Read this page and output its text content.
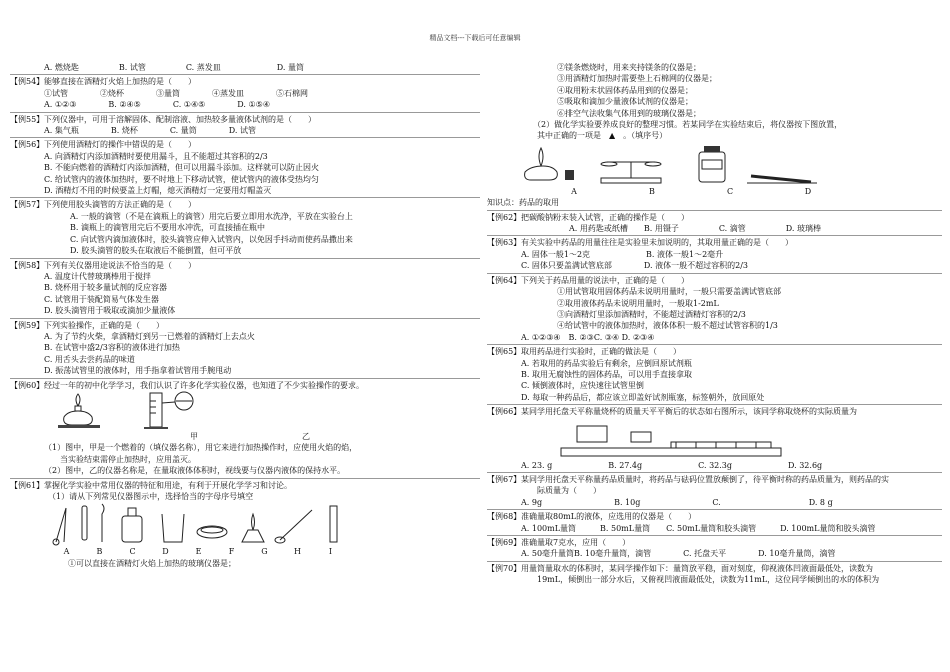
精品文档---下载后可任意编辑
A. 燃烧匙　　　　　B. 试管　　　　　C. 蒸发皿　　　　　　　D. 量筒
【例54】能够直接在酒精灯火焰上加热的是（　　）
①试管　　　　②烧杯　　　　③量筒　　　　④蒸发皿　　　　⑤石棉网
A. ①②③　　　　B. ②④⑤　　　　C. ①④⑤　　　　D. ①⑤④
【例55】下列仪器中，可用于溶解固体、配制溶液、加热较多量液体试剂的是（　　）
A. 集气瓶　　　　B. 烧杯　　　　C. 量筒　　　　D. 试管
【例56】下列使用酒精灯的操作中错误的是（　　）
A. 向酒精灯内添加酒精时要使用漏斗，且不能超过其容积的2/3
B. 不能向燃着的酒精灯内添加酒精，但可以用漏斗添加。这样就可以防止因火
C. 给试管内的液体加热时，要不时地上下移动试管，使试管内的液体受热均匀
D. 酒精灯不用的时候要盖上灯帽，熄灭酒精灯一定要用灯帽盖灭
【例57】下列使用胶头滴管的方法正确的是（　　）
A. 一般的滴管（不是在滴瓶上的滴管）用完后要立即用水洗净，平放在实验台上
B. 滴瓶上的滴管用完后不要用水冲洗，可直接插在瓶中
C. 向试管内滴加液体时，胶头滴管应伸入试管内，以免因手抖动而使药品撒出来
D. 胶头滴管的胶头在取液后不能倒置，但可平放
【例58】下列有关仪器用途说法不恰当的是（　　）
A. 温度计代替玻璃棒用于搅拌
B. 烧杯用于较多量试剂的反应容器
C. 试管用于装配简易气体发生器
D. 胶头滴管用于吸取或滴加少量液体
【例59】下列实验操作，正确的是（　　）
A. 为了节约火柴，拿酒精灯到另一已燃着的酒精灯上去点火
B. 在试管中盛2/3容积的液体进行加热
C. 用舌头去尝药品的味道
D. 振荡试管里的液体时，用手指拿着试管用手腕甩动
【例60】经过一年的初中化学学习，我们认识了许多化学实验仪器，也知道了不少实验操作的要求。
甲　　　　　　　　　　　　　乙
（1）图中，甲是一个燃着的（填仪器名称），用它来进行加热操作时，应使用火焰的焰，
　　当实验结束需停止加热时，应用盖灭。
（2）图中，乙的仪器名称是，在量取液体体积时，视线要与仪器内液体的保持水平。
【例61】掌握化学实验中常用仪器的特征和用途，有利于开展化学学习和讨论。
　（1）请从下列常见仪器图示中，选择恰当的字母序号填空
A	B	C	D	E	F	G	H	I
　　　①可以直接在酒精灯火焰上加热的玻璃仪器是；
②镁条燃烧时，用来夹持镁条的仪器是；
③用酒精灯加热时需要垫上石棉网的仪器是；
④取用粉末状固体药品用到的仪器是；
⑤吸取和滴加少量液体试剂的仪器是；
⑥排空气法收集气体用到的玻璃仪器是；
　　（2）做化学实验要养成良好的整理习惯。若某同学在实验结束后，将仪器按下图放置，
　　其中正确的一项是　▲　。（填序号）
A	B	C	D
知识点：药品的取用
【例62】把碳酸钠粉末装入试管，正确的操作是（　　）
　　　　　　A. 用药匙或纸槽　　B. 用镊子　　　　　C. 滴管　　　　　D. 玻璃棒
【例63】有关实验中药品的用量往往是实验里未加说明的，其取用量正确的是（　　）
A. 固体一般1～2克　　　　　　　B. 液体一般1～2毫升
C. 固体只要盖满试管底部　　　　D. 液体一般不超过容积的2/3
【例64】下列关于药品用量的说法中，正确的是（　　）
①用试管取用固体药品未说明用量时，一般只需要盖满试管底部
②取用液体药品未说明用量时，一般取1-2mL
③向酒精灯里添加酒精时，不能超过酒精灯容积的2/3
④给试管中的液体加热时，液体体积一般不超过试管容积的1/3
A. ①②③④　B. ②③C. ③④ D. ②③④
【例65】取用药品进行实验时，正确的做法是（　　）
A. 若取用的药品实验后有剩余，应倒回原试剂瓶
B. 取用无腐蚀性的固体药品，可以用手直接拿取
C. 倾倒液体时，应快速往试管里倒
D. 每取一种药品后，都应该立即盖好试剂瓶塞，标签朝外，放回原处
【例66】某同学用托盘天平称量烧杯的质量天平平衡后的状态如右图所示，该同学称取烧杯的实际质量为
A. 23. g　　　　　　　B. 27.4g　　　　　　　C. 32.3g　　　　　　　D. 32.6g
【例67】某同学用托盘天平称量药品质量时，将药品与砝码位置放颠倒了，待平衡时称的药品质量为，则药品的实
　　际质量为（　　）
A. 9g　　　　　　　　　B. 10g　　　　　　　　　C.　　　　　　　　　　　D. 8 g
【例68】准确量取80mL的液体，应选用的仪器是（　　）
A. 100mL量筒　　　B. 50mL量筒　　C. 50mL量筒和胶头滴管　　　D. 100mL量筒和胶头滴管
【例69】准确量取7克水，应用（　　）
A. 50毫升量筒B. 10毫升量筒，滴管　　　　C. 托盘天平　　　　D. 10毫升量筒，滴管
【例70】用量筒量取水的体积时，某同学操作如下：量筒放平稳，面对刻度，仰视液体凹液面最低处，读数为
　　19mL，倾倒出一部分水后，又俯视凹液面最低处，读数为11mL，这位同学倾倒出的水的体积为
